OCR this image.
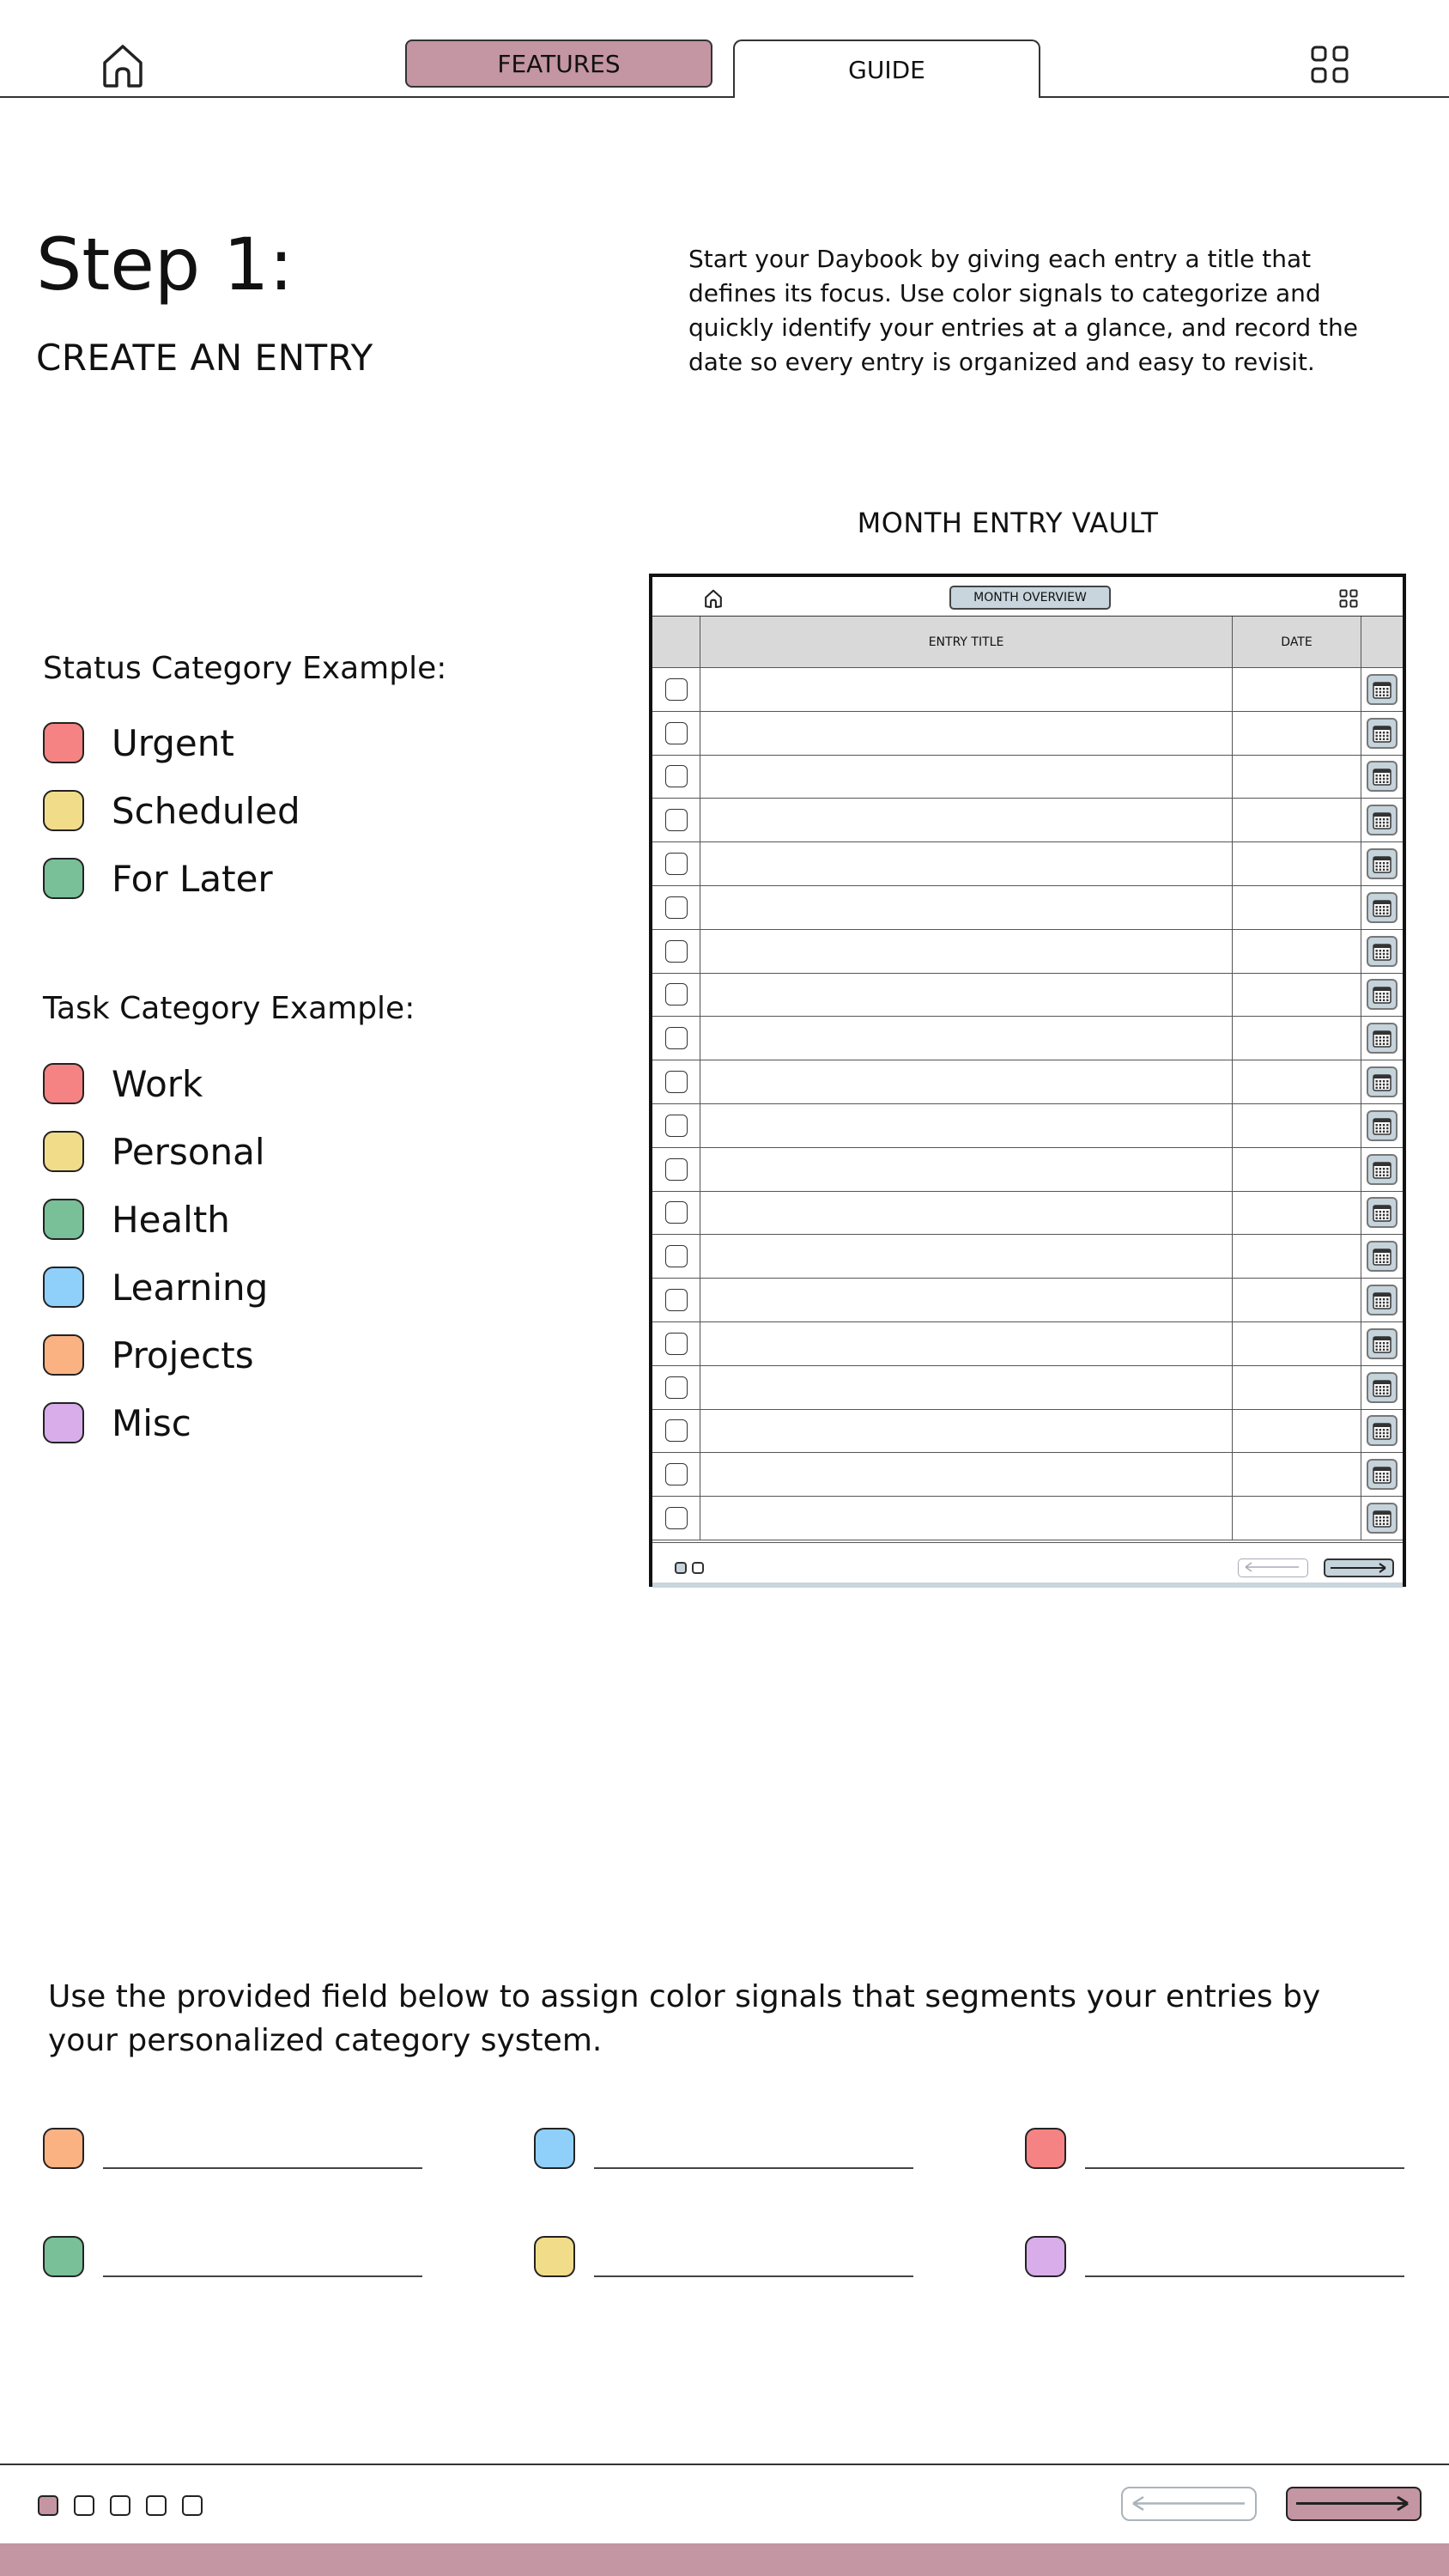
FEATURES	GUIDE
Step 1:
CREATE AN ENTRY

Start your Daybook by giving each entry a title that defines its focus. Use color signals to categorize and quickly identify your entries at a glance, and record the date so every entry is organized and easy to revisit.

Status Category Example:
Urgent
Scheduled
For Later
Task Category Example:
Work
Personal
Health
Learning
Projects
Misc
MONTH ENTRY VAULT
MONTH OVERVIEW
ENTRY TITLE	DATE

Use the provided field below to assign color signals that segments your entries by your personalized category system.
